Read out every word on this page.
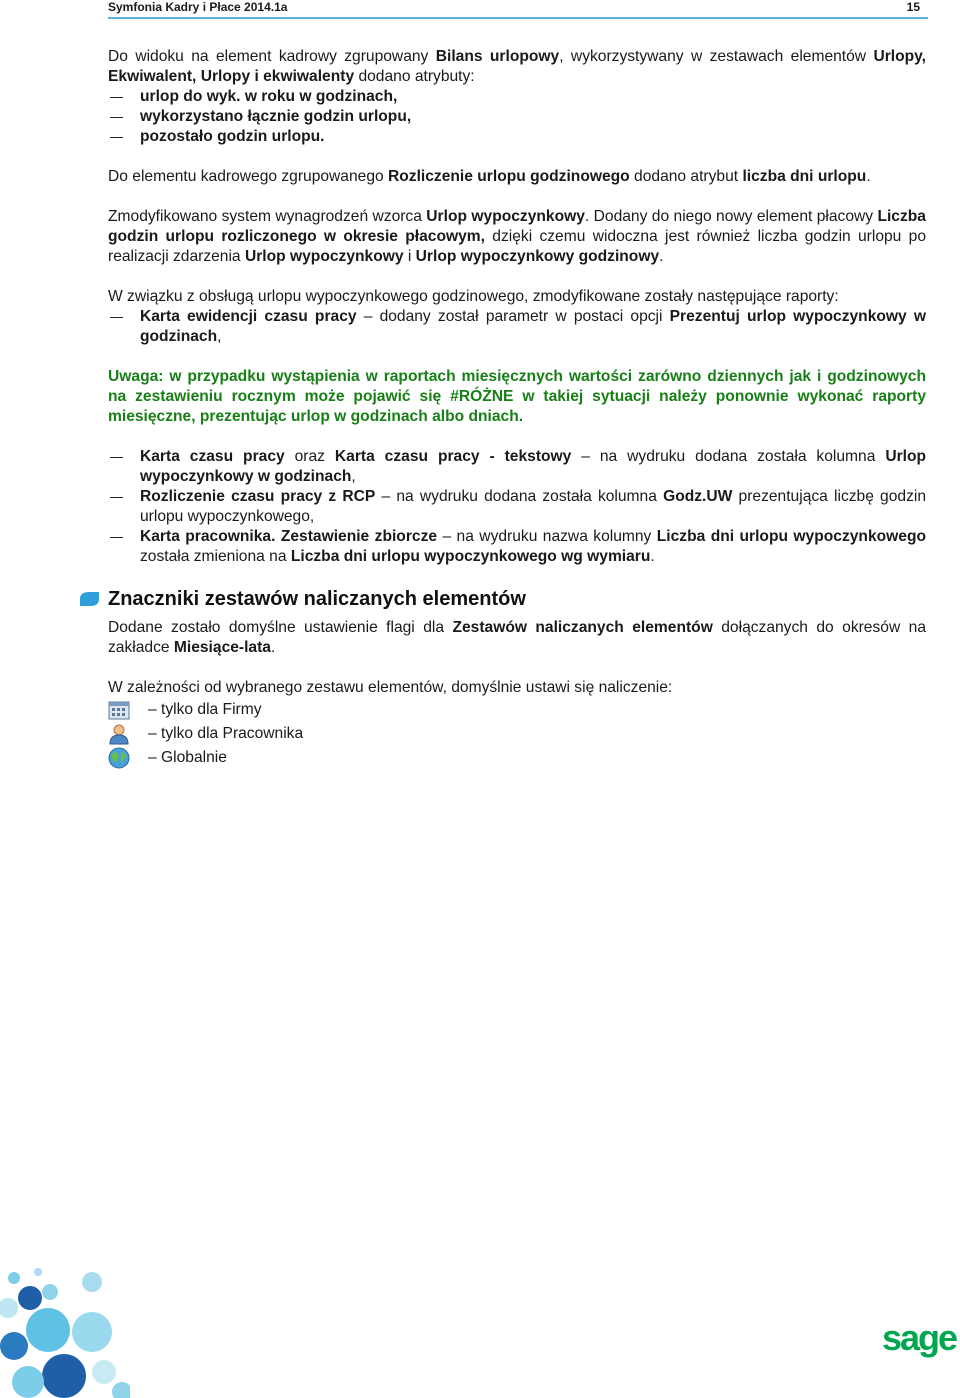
Symfonia Kadry i Płace 2014.1a	15

Do widoku na element kadrowy zgrupowany Bilans urlopowy, wykorzystywany w zestawach elementów Urlopy, Ekwiwalent, Urlopy i ekwiwalenty dodano atrybuty:

urlop do wyk. w roku w godzinach,
wykorzystano łącznie godzin urlopu,
pozostało godzin urlopu.

Do elementu kadrowego zgrupowanego Rozliczenie urlopu godzinowego dodano atrybut liczba dni urlopu.

Zmodyfikowano system wynagrodzeń wzorca Urlop wypoczynkowy. Dodany do niego nowy element płacowy Liczba godzin urlopu rozliczonego w okresie płacowym, dzięki czemu widoczna jest również liczba godzin urlopu po realizacji zdarzenia Urlop wypoczynkowy i Urlop wypoczynkowy godzinowy.

W związku z obsługą urlopu wypoczynkowego godzinowego, zmodyfikowane zostały następujące raporty:

Karta ewidencji czasu pracy – dodany został parametr w postaci opcji Prezentuj urlop wypoczynkowy w godzinach,

Uwaga: w przypadku wystąpienia w raportach miesięcznych wartości zarówno dziennych jak i godzinowych na zestawieniu rocznym może pojawić się #RÓŻNE w takiej sytuacji należy ponownie wykonać raporty miesięczne, prezentując urlop w godzinach albo dniach.

Karta czasu pracy oraz Karta czasu pracy - tekstowy – na wydruku dodana została kolumna Urlop wypoczynkowy w godzinach,
Rozliczenie czasu pracy z RCP – na wydruku dodana została kolumna Godz.UW prezentująca liczbę godzin urlopu wypoczynkowego,
Karta pracownika. Zestawienie zbiorcze – na wydruku nazwa kolumny Liczba dni urlopu wypoczynkowego została zmieniona na Liczba dni urlopu wypoczynkowego wg wymiaru.
Znaczniki zestawów naliczanych elementów

Dodane zostało domyślne ustawienie flagi dla Zestawów naliczanych elementów dołączanych do okresów na zakładce Miesiące-lata.

W zależności od wybranego zestawu elementów, domyślnie ustawi się naliczenie:

– tylko dla Firmy
– tylko dla Pracownika
– Globalnie
sage
